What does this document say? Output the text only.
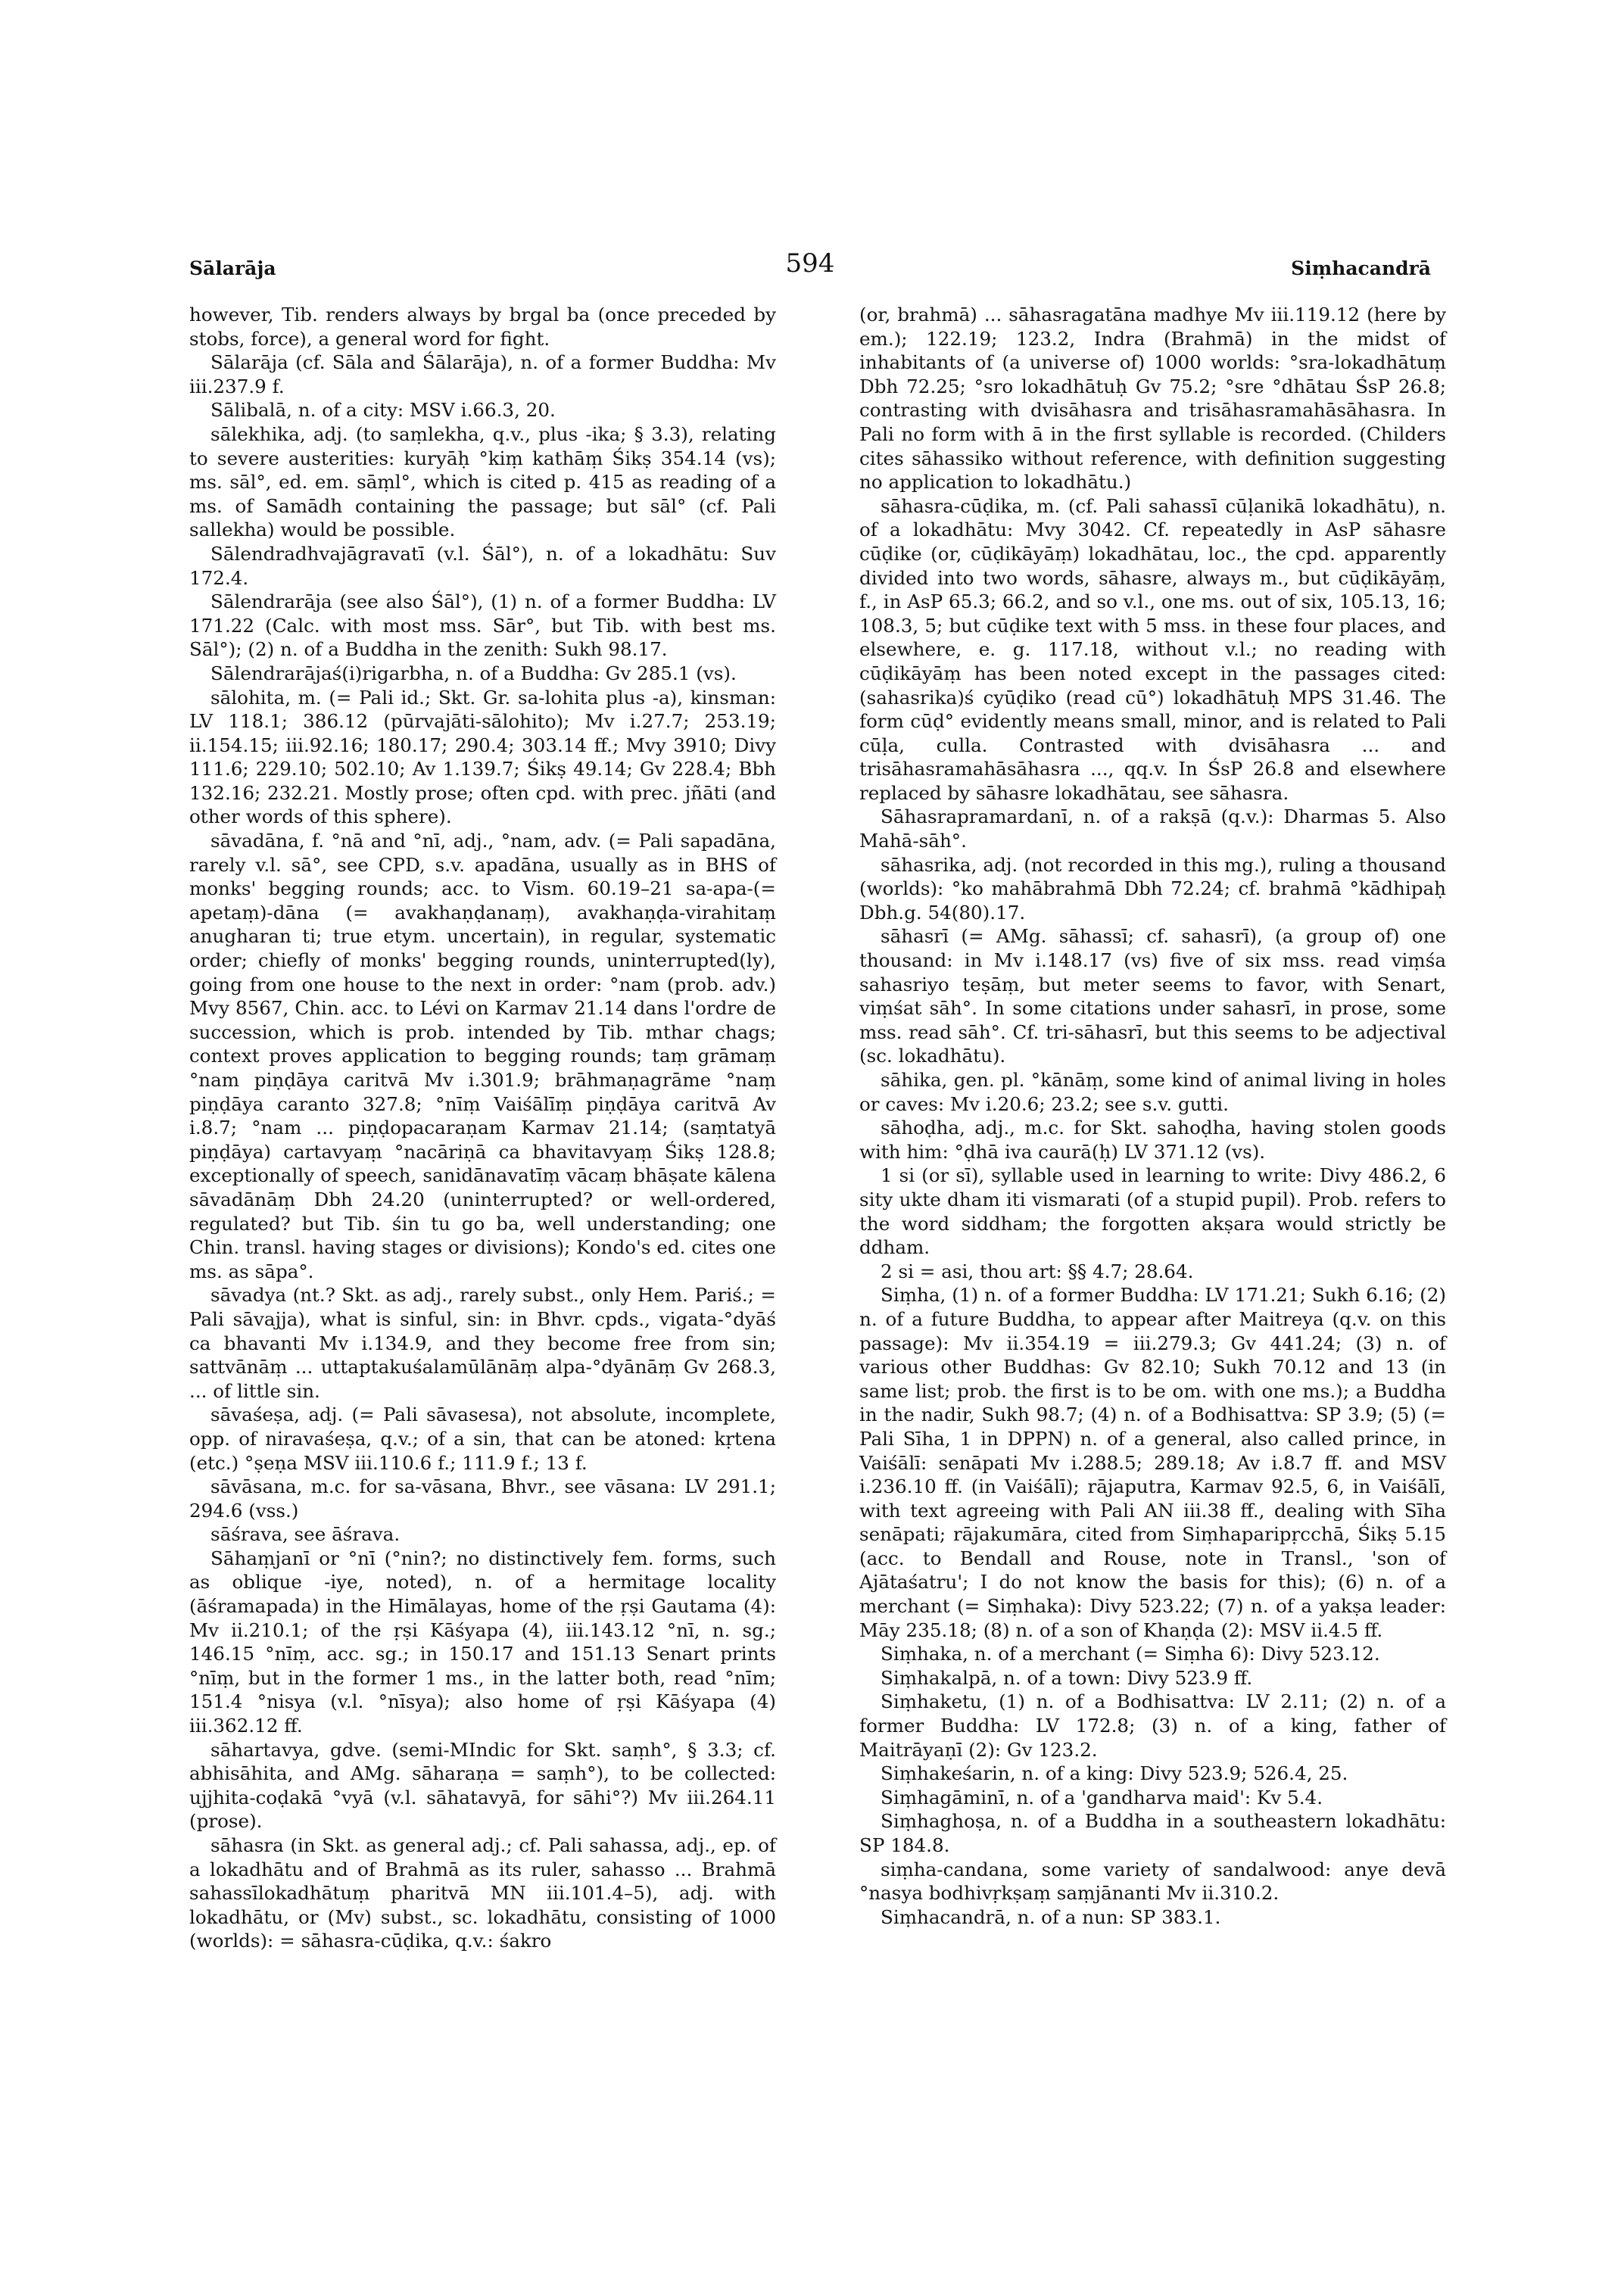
Sālarāja	594	Siṃhacandrā

however, Tib. renders always by brgal ba (once preceded by stobs, force), a general word for fight.

Sālarāja (cf. Sāla and Śālarāja), n. of a former Buddha: Mv iii.237.9 f.

Sālibalā, n. of a city: MSV i.66.3, 20.

sālekhika, adj. (to saṃlekha, q.v., plus -ika; § 3.3), relating to severe austerities: kuryāḥ °kiṃ kathāṃ Śikṣ 354.14 (vs); ms. sāl°, ed. em. sāṃl°, which is cited p. 415 as reading of a ms. of Samādh containing the passage; but sāl° (cf. Pali sallekha) would be possible.

Sālendradhvajāgravatī (v.l. Śāl°), n. of a lokadhātu: Suv 172.4.

Sālendrarāja (see also Śāl°), (1) n. of a former Buddha: LV 171.22 (Calc. with most mss. Sār°, but Tib. with best ms. Sāl°); (2) n. of a Buddha in the zenith: Sukh 98.17.

Sālendrarājaś(i)rigarbha, n. of a Buddha: Gv 285.1 (vs).

sālohita, m. (= Pali id.; Skt. Gr. sa-lohita plus -a), kinsman: LV 118.1; 386.12 (pūrvajāti-sālohito); Mv i.27.7; 253.19; ii.154.15; iii.92.16; 180.17; 290.4; 303.14 ff.; Mvy 3910; Divy 111.6; 229.10; 502.10; Av 1.139.7; Śikṣ 49.14; Gv 228.4; Bbh 132.16; 232.21. Mostly prose; often cpd. with prec. jñāti (and other words of this sphere).

sāvadāna, f. °nā and °nī, adj., °nam, adv. (= Pali sapadāna, rarely v.l. sā°, see CPD, s.v. apadāna, usually as in BHS of monks' begging rounds; acc. to Vism. 60.19–21 sa-apa-(= apetaṃ)-dāna (= avakhaṇḍanaṃ), avakhaṇḍa-virahitaṃ anugharan ti; true etym. uncertain), in regular, systematic order; chiefly of monks' begging rounds, uninterrupted(ly), going from one house to the next in order: °nam (prob. adv.) Mvy 8567, Chin. acc. to Lévi on Karmav 21.14 dans l'ordre de succession, which is prob. intended by Tib. mthar chags; context proves application to begging rounds; taṃ grāmaṃ °nam piṇḍāya caritvā Mv i.301.9; brāhmaṇagrāme °naṃ piṇḍāya caranto 327.8; °nīṃ Vaiśālīṃ piṇḍāya caritvā Av i.8.7; °nam ... piṇḍopacaraṇam Karmav 21.14; (saṃtatyā piṇḍāya) cartavyaṃ °nacāriṇā ca bhavitavyaṃ Śikṣ 128.8; exceptionally of speech, sanidānavatīṃ vācaṃ bhāṣate kālena sāvadānāṃ Dbh 24.20 (uninterrupted? or well-ordered, regulated? but Tib. śin tu go ba, well understanding; one Chin. transl. having stages or divisions); Kondo's ed. cites one ms. as sāpa°.

sāvadya (nt.? Skt. as adj., rarely subst., only Hem. Pariś.; = Pali sāvajja), what is sinful, sin: in Bhvr. cpds., vigata-°dyāś ca bhavanti Mv i.134.9, and they become free from sin; sattvānāṃ ... uttaptakuśalamūlānāṃ alpa-°dyānāṃ Gv 268.3, ... of little sin.

sāvaśeṣa, adj. (= Pali sāvasesa), not absolute, incomplete, opp. of niravaśeṣa, q.v.; of a sin, that can be atoned: kṛtena (etc.) °ṣeṇa MSV iii.110.6 f.; 111.9 f.; 13 f.

sāvāsana, m.c. for sa-vāsana, Bhvr., see vāsana: LV 291.1; 294.6 (vss.)

sāśrava, see āśrava.

Sāhaṃjanī or °nī (°nin?; no distinctively fem. forms, such as oblique -iye, noted), n. of a hermitage locality (āśramapada) in the Himālayas, home of the ṛṣi Gautama (4): Mv ii.210.1; of the ṛṣi Kāśyapa (4), iii.143.12 °nī, n. sg.; 146.15 °nīṃ, acc. sg.; in 150.17 and 151.13 Senart prints °nīṃ, but in the former 1 ms., in the latter both, read °nīm; 151.4 °nisya (v.l. °nīsya); also home of ṛṣi Kāśyapa (4) iii.362.12 ff.

sāhartavya, gdve. (semi-MIndic for Skt. saṃh°, § 3.3; cf. abhisāhita, and AMg. sāharaṇa = saṃh°), to be collected: ujjhita-coḍakā °vyā (v.l. sāhatavyā, for sāhi°?) Mv iii.264.11 (prose).

sāhasra (in Skt. as general adj.; cf. Pali sahassa, adj., ep. of a lokadhātu and of Brahmā as its ruler, sahasso ... Brahmā sahassīlokadhātuṃ pharitvā MN iii.101.4–5), adj. with lokadhātu, or (Mv) subst., sc. lokadhātu, consisting of 1000 (worlds): = sāhasra-cūḍika, q.v.: śakro

(or, brahmā) ... sāhasragatāna madhye Mv iii.119.12 (here by em.); 122.19; 123.2, Indra (Brahmā) in the midst of inhabitants of (a universe of) 1000 worlds: °sra-lokadhātuṃ Dbh 72.25; °sro lokadhātuḥ Gv 75.2; °sre °dhātau ŚsP 26.8; contrasting with dvisāhasra and trisāhasramahāsāhasra. In Pali no form with ā in the first syllable is recorded. (Childers cites sāhassiko without reference, with definition suggesting no application to lokadhātu.)

sāhasra-cūḍika, m. (cf. Pali sahassī cūḷanikā lokadhātu), n. of a lokadhātu: Mvy 3042. Cf. repeatedly in AsP sāhasre cūḍike (or, cūḍikāyāṃ) lokadhātau, loc., the cpd. apparently divided into two words, sāhasre, always m., but cūḍikāyāṃ, f., in AsP 65.3; 66.2, and so v.l., one ms. out of six, 105.13, 16; 108.3, 5; but cūḍike text with 5 mss. in these four places, and elsewhere, e. g. 117.18, without v.l.; no reading with cūḍikāyāṃ has been noted except in the passages cited: (sahasrika)ś cyūḍiko (read cū°) lokadhātuḥ MPS 31.46. The form cūḍ° evidently means small, minor, and is related to Pali cūḷa, culla. Contrasted with dvisāhasra ... and trisāhasramahāsāhasra ..., qq.v. In ŚsP 26.8 and elsewhere replaced by sāhasre lokadhātau, see sāhasra.

Sāhasrapramardanī, n. of a rakṣā (q.v.): Dharmas 5. Also Mahā-sāh°.

sāhasrika, adj. (not recorded in this mg.), ruling a thousand (worlds): °ko mahābrahmā Dbh 72.24; cf. brahmā °kādhipaḥ Dbh.g. 54(80).17.

sāhasrī (= AMg. sāhassī; cf. sahasrī), (a group of) one thousand: in Mv i.148.17 (vs) five of six mss. read viṃśa sahasriyo teṣāṃ, but meter seems to favor, with Senart, viṃśat sāh°. In some citations under sahasrī, in prose, some mss. read sāh°. Cf. tri-sāhasrī, but this seems to be adjectival (sc. lokadhātu).

sāhika, gen. pl. °kānāṃ, some kind of animal living in holes or caves: Mv i.20.6; 23.2; see s.v. gutti.

sāhoḍha, adj., m.c. for Skt. sahoḍha, having stolen goods with him: °ḍhā iva caurā(ḥ) LV 371.12 (vs).

1 si (or sī), syllable used in learning to write: Divy 486.2, 6 sity ukte dham iti vismarati (of a stupid pupil). Prob. refers to the word siddham; the forgotten akṣara would strictly be ddham.

2 si = asi, thou art: §§ 4.7; 28.64.

Siṃha, (1) n. of a former Buddha: LV 171.21; Sukh 6.16; (2) n. of a future Buddha, to appear after Maitreya (q.v. on this passage): Mv ii.354.19 = iii.279.3; Gv 441.24; (3) n. of various other Buddhas: Gv 82.10; Sukh 70.12 and 13 (in same list; prob. the first is to be om. with one ms.); a Buddha in the nadir, Sukh 98.7; (4) n. of a Bodhisattva: SP 3.9; (5) (= Pali Sīha, 1 in DPPN) n. of a general, also called prince, in Vaiśālī: senāpati Mv i.288.5; 289.18; Av i.8.7 ff. and MSV i.236.10 ff. (in Vaiśālī); rājaputra, Karmav 92.5, 6, in Vaiśālī, with text agreeing with Pali AN iii.38 ff., dealing with Sīha senāpati; rājakumāra, cited from Siṃhaparipṛcchā, Śikṣ 5.15 (acc. to Bendall and Rouse, note in Transl., 'son of Ajātaśatru'; I do not know the basis for this); (6) n. of a merchant (= Siṃhaka): Divy 523.22; (7) n. of a yakṣa leader: Māy 235.18; (8) n. of a son of Khaṇḍa (2): MSV ii.4.5 ff.

Siṃhaka, n. of a merchant (= Siṃha 6): Divy 523.12.

Siṃhakalpā, n. of a town: Divy 523.9 ff.

Siṃhaketu, (1) n. of a Bodhisattva: LV 2.11; (2) n. of a former Buddha: LV 172.8; (3) n. of a king, father of Maitrāyaṇī (2): Gv 123.2.

Siṃhakeśarin, n. of a king: Divy 523.9; 526.4, 25.

Siṃhagāminī, n. of a 'gandharva maid': Kv 5.4.

Siṃhaghoṣa, n. of a Buddha in a southeastern lokadhātu: SP 184.8.

siṃha-candana, some variety of sandalwood: anye devā °nasya bodhivṛkṣaṃ saṃjānanti Mv ii.310.2.

Siṃhacandrā, n. of a nun: SP 383.1.
